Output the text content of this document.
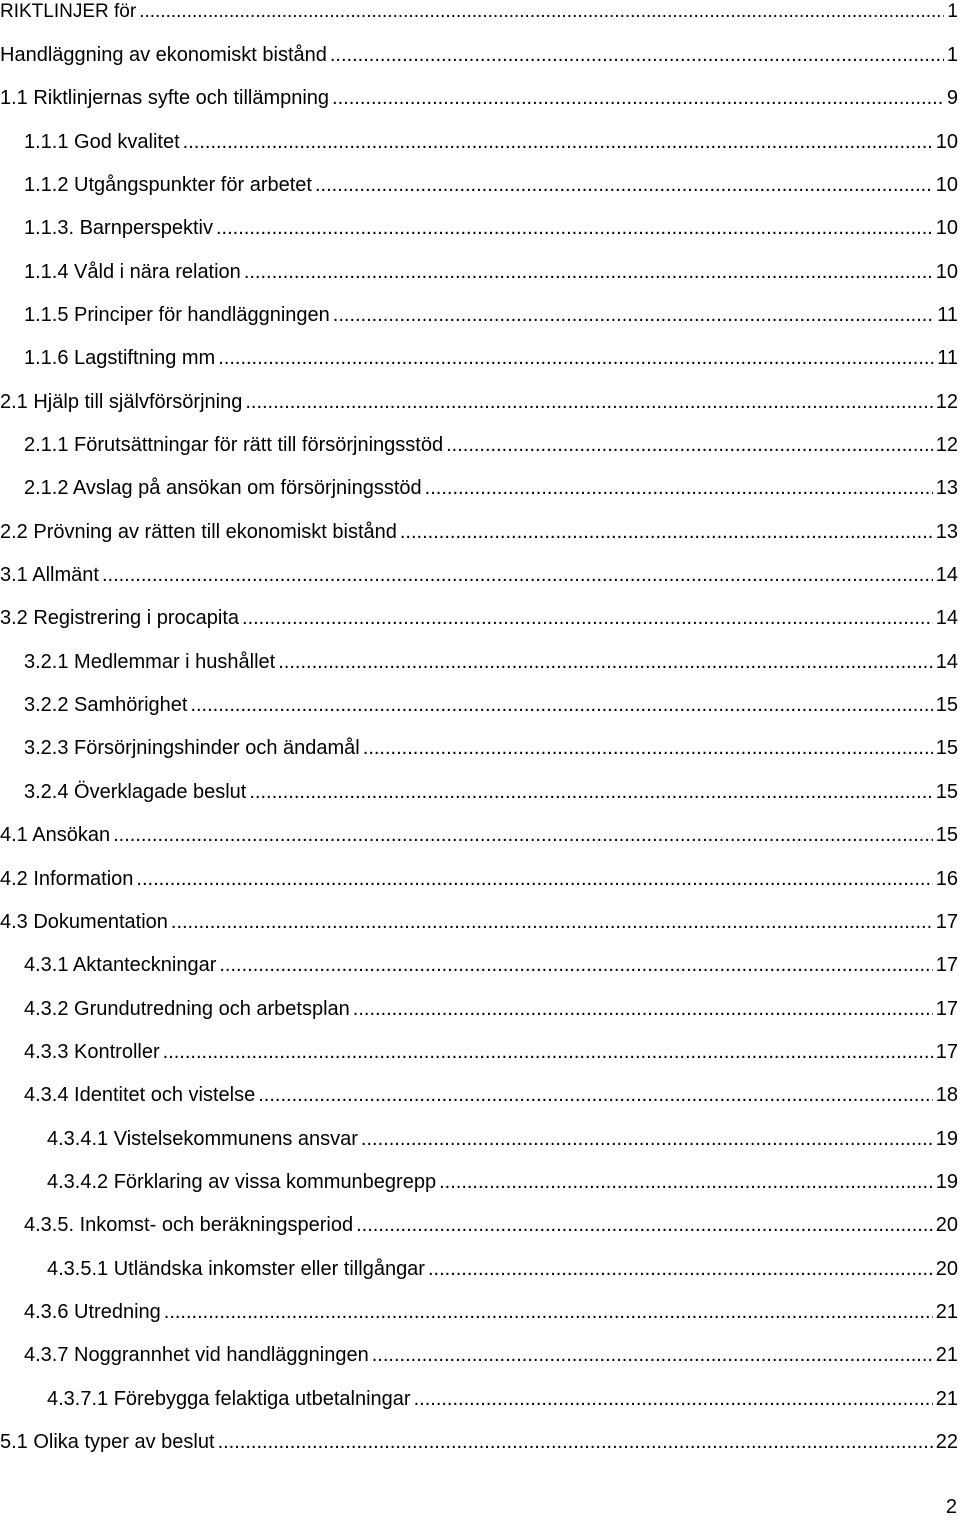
RIKTLINJER för .....	1
Handläggning av ekonomiskt bistånd .....	1
1.1 Riktlinjernas syfte och tillämpning .....	9
1.1.1 God kvalitet .....	10
1.1.2 Utgångspunkter för arbetet .....	10
1.1.3. Barnperspektiv .....	10
1.1.4 Våld i nära relation .....	10
1.1.5 Principer för handläggningen .....	11
1.1.6 Lagstiftning mm .....	11
2.1 Hjälp till självförsörjning .....	12
2.1.1 Förutsättningar för rätt till försörjningsstöd .....	12
2.1.2 Avslag på ansökan om försörjningsstöd .....	13
2.2 Prövning av rätten till ekonomiskt bistånd .....	13
3.1 Allmänt .....	14
3.2 Registrering i procapita .....	14
3.2.1 Medlemmar i hushållet .....	14
3.2.2 Samhörighet .....	15
3.2.3 Försörjningshinder och ändamål .....	15
3.2.4 Överklagade beslut .....	15
4.1 Ansökan .....	15
4.2 Information .....	16
4.3 Dokumentation .....	17
4.3.1 Aktanteckningar .....	17
4.3.2 Grundutredning och arbetsplan .....	17
4.3.3 Kontroller .....	17
4.3.4 Identitet och vistelse .....	18
4.3.4.1 Vistelsekommunens ansvar .....	19
4.3.4.2 Förklaring av vissa kommunbegrepp .....	19
4.3.5. Inkomst- och beräkningsperiod .....	20
4.3.5.1 Utländska inkomster eller tillgångar .....	20
4.3.6 Utredning .....	21
4.3.7 Noggrannhet vid handläggningen .....	21
4.3.7.1 Förebygga felaktiga utbetalningar .....	21
5.1 Olika typer av beslut .....	22
2
